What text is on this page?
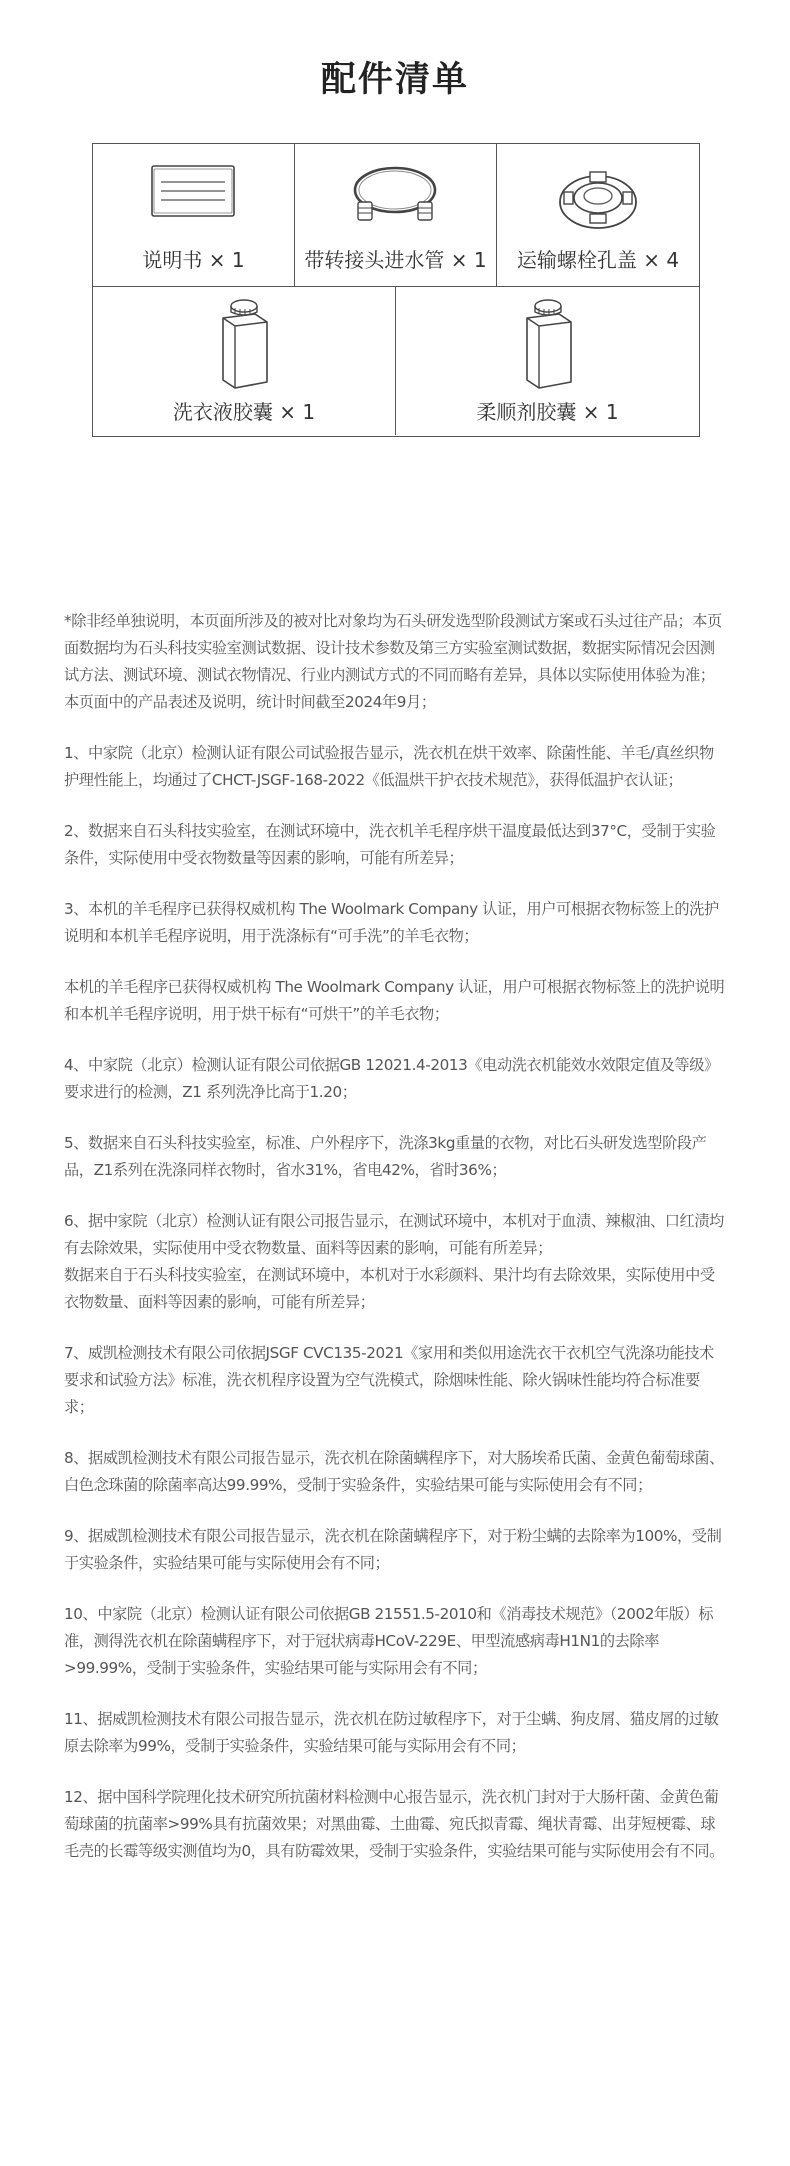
配件清单
说明书 × 1	带转接头进水管 × 1	运输螺栓孔盖 × 4
洗衣液胶囊 × 1	柔顺剂胶囊 × 1

*除非经单独说明，本页面所涉及的被对比对象均为石头研发选型阶段测试方案或石头过往产品；本页面数据均为石头科技实验室测试数据、设计技术参数及第三方实验室测试数据，数据实际情况会因测试方法、测试环境、测试衣物情况、行业内测试方式的不同而略有差异，具体以实际使用体验为准；本页面中的产品表述及说明，统计时间截至2024年9月；

1、中家院（北京）检测认证有限公司试验报告显示，洗衣机在烘干效率、除菌性能、羊毛/真丝织物护理性能上，均通过了CHCT-JSGF-168-2022《低温烘干护衣技术规范》，获得低温护衣认证；

2、数据来自石头科技实验室，在测试环境中，洗衣机羊毛程序烘干温度最低达到37°C，受制于实验条件，实际使用中受衣物数量等因素的影响，可能有所差异；

3、本机的羊毛程序已获得权威机构 The Woolmark Company 认证，用户可根据衣物标签上的洗护说明和本机羊毛程序说明，用于洗涤标有“可手洗”的羊毛衣物；

本机的羊毛程序已获得权威机构 The Woolmark Company 认证，用户可根据衣物标签上的洗护说明和本机羊毛程序说明，用于烘干标有“可烘干”的羊毛衣物；

4、中家院（北京）检测认证有限公司依据GB 12021.4-2013《电动洗衣机能效水效限定值及等级》要求进行的检测，Z1 系列洗净比高于1.20；

5、数据来自石头科技实验室，标准、户外程序下，洗涤3kg重量的衣物，对比石头研发选型阶段产品，Z1系列在洗涤同样衣物时，省水31%，省电42%，省时36%；

6、据中家院（北京）检测认证有限公司报告显示，在测试环境中，本机对于血渍、辣椒油、口红渍均有去除效果，实际使用中受衣物数量、面料等因素的影响，可能有所差异；

数据来自于石头科技实验室，在测试环境中，本机对于水彩颜料、果汁均有去除效果，实际使用中受衣物数量、面料等因素的影响，可能有所差异；

7、威凯检测技术有限公司依据JSGF CVC135-2021《家用和类似用途洗衣干衣机空气洗涤功能技术要求和试验方法》标准，洗衣机程序设置为空气洗模式，除烟味性能、除火锅味性能均符合标准要求；

8、据威凯检测技术有限公司报告显示，洗衣机在除菌螨程序下，对大肠埃希氏菌、金黄色葡萄球菌、白色念珠菌的除菌率高达99.99%，受制于实验条件，实验结果可能与实际使用会有不同；

9、据威凯检测技术有限公司报告显示，洗衣机在除菌螨程序下，对于粉尘螨的去除率为100%，受制于实验条件，实验结果可能与实际使用会有不同；

10、中家院（北京）检测认证有限公司依据GB 21551.5-2010和《消毒技术规范》（2002年版）标准，测得洗衣机在除菌螨程序下，对于冠状病毒HCoV-229E、甲型流感病毒H1N1的去除率>99.99%，受制于实验条件，实验结果可能与实际用会有不同；

11、据威凯检测技术有限公司报告显示，洗衣机在防过敏程序下，对于尘螨、狗皮屑、猫皮屑的过敏原去除率为99%，受制于实验条件，实验结果可能与实际用会有不同；

12、据中国科学院理化技术研究所抗菌材料检测中心报告显示，洗衣机门封对于大肠杆菌、金黄色葡萄球菌的抗菌率>99%具有抗菌效果；对黑曲霉、土曲霉、宛氏拟青霉、绳状青霉、出芽短梗霉、球毛壳的长霉等级实测值均为0，具有防霉效果，受制于实验条件，实验结果可能与实际使用会有不同。
